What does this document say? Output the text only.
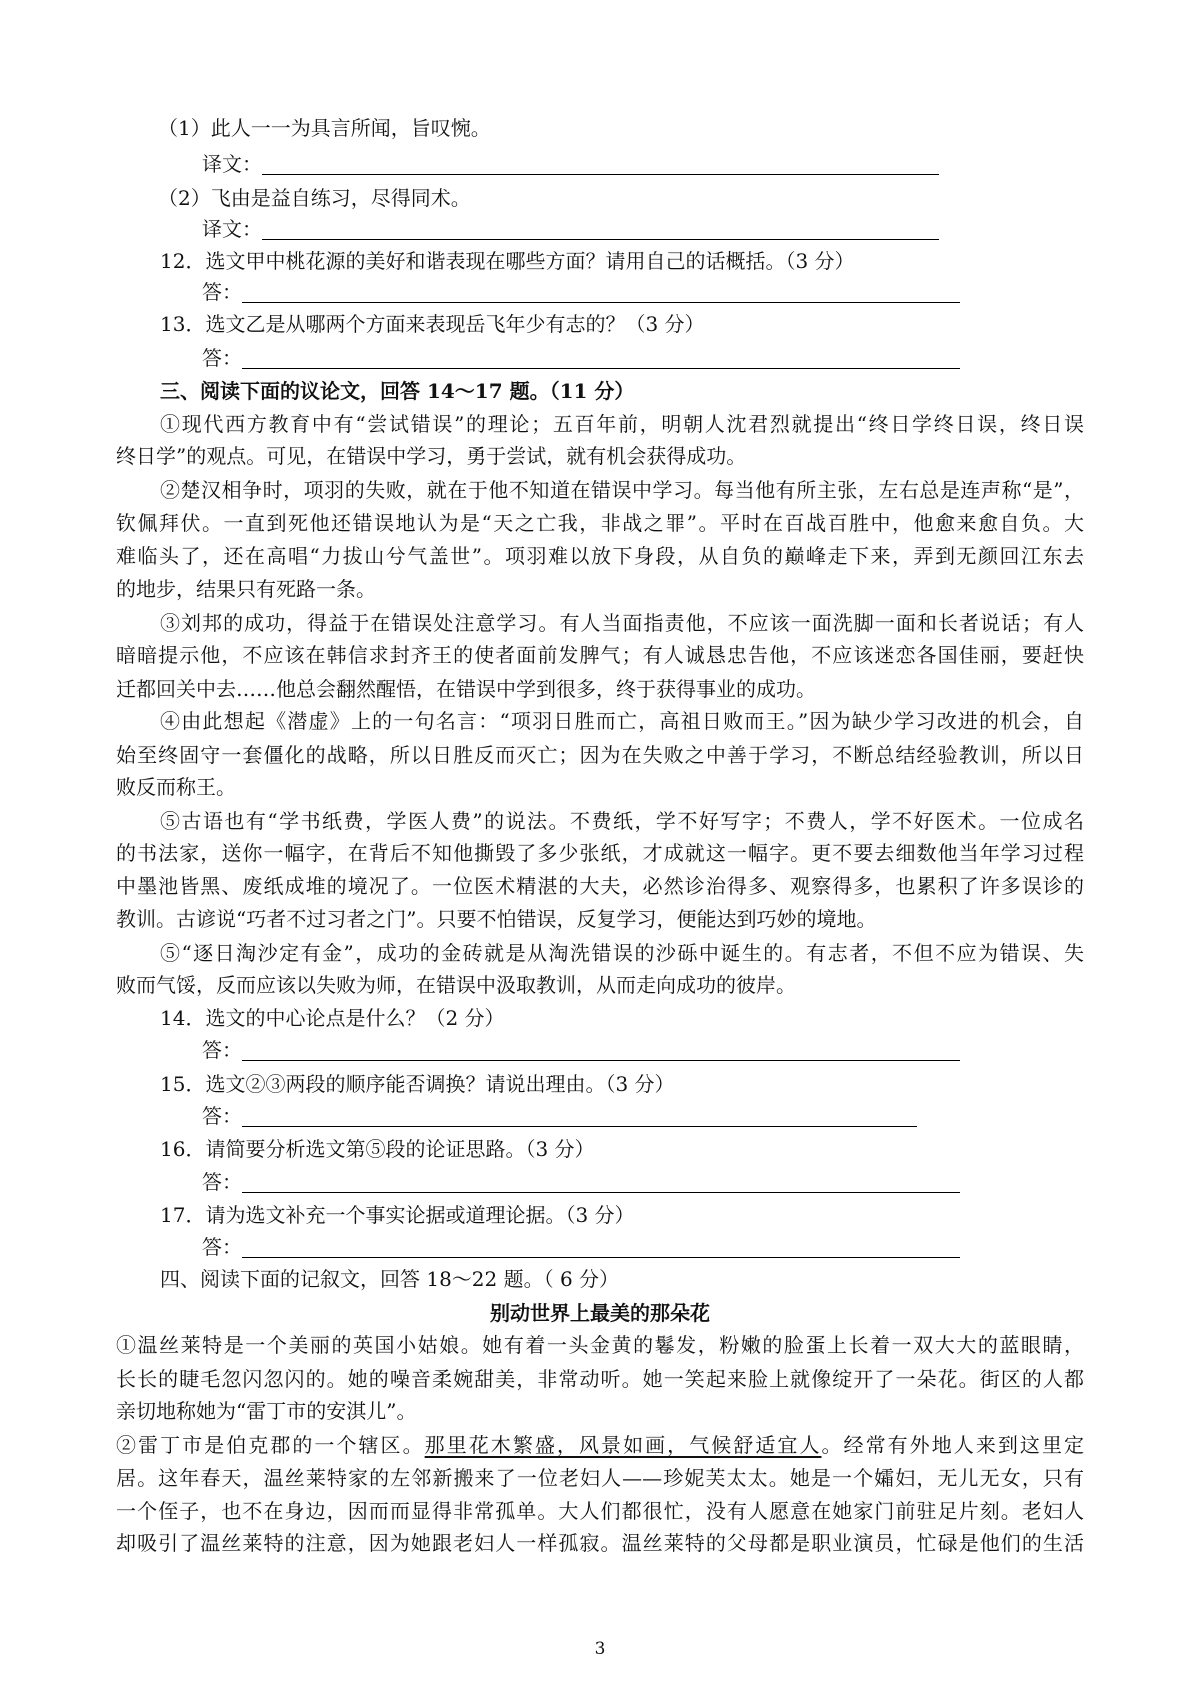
（1）此人一一为具言所闻，旨叹惋。
译文：
（2）飞由是益自练习，尽得同术。
译文：
12．选文甲中桃花源的美好和谐表现在哪些方面？请用自己的话概括。（3 分）
答：
13．选文乙是从哪两个方面来表现岳飞年少有志的？（3 分）
答：
三、阅读下面的议论文，回答 14～17 题。（11 分）
①现代西方教育中有“尝试错误”的理论；五百年前，明朝人沈君烈就提出“终日学终日误，终日误
终日学”的观点。可见，在错误中学习，勇于尝试，就有机会获得成功。
②楚汉相争时，项羽的失败，就在于他不知道在错误中学习。每当他有所主张，左右总是连声称“是”，
钦佩拜伏。一直到死他还错误地认为是“天之亡我，非战之罪”。平时在百战百胜中，他愈来愈自负。大
难临头了，还在高唱“力拔山兮气盖世”。项羽难以放下身段，从自负的巅峰走下来，弄到无颜回江东去
的地步，结果只有死路一条。
③刘邦的成功，得益于在错误处注意学习。有人当面指责他，不应该一面洗脚一面和长者说话；有人
暗暗提示他，不应该在韩信求封齐王的使者面前发脾气；有人诚恳忠告他，不应该迷恋各国佳丽，要赶快
迁都回关中去……他总会翻然醒悟，在错误中学到很多，终于获得事业的成功。
④由此想起《潜虚》上的一句名言：“项羽日胜而亡，高祖日败而王。”因为缺少学习改进的机会，自
始至终固守一套僵化的战略，所以日胜反而灭亡；因为在失败之中善于学习，不断总结经验教训，所以日
败反而称王。
⑤古语也有“学书纸费，学医人费”的说法。不费纸，学不好写字；不费人，学不好医术。一位成名
的书法家，送你一幅字，在背后不知他撕毁了多少张纸，才成就这一幅字。更不要去细数他当年学习过程
中墨池皆黑、废纸成堆的境况了。一位医术精湛的大夫，必然诊治得多、观察得多，也累积了许多误诊的
教训。古谚说“巧者不过习者之门”。只要不怕错误，反复学习，便能达到巧妙的境地。
⑤“逐日淘沙定有金”，成功的金砖就是从淘洗错误的沙砾中诞生的。有志者，不但不应为错误、失
败而气馁，反而应该以失败为师，在错误中汲取教训，从而走向成功的彼岸。
14．选文的中心论点是什么？（2 分）
答：
15．选文②③两段的顺序能否调换？请说出理由。（3 分）
答：
16．请简要分析选文第⑤段的论证思路。（3 分）
答：
17．请为选文补充一个事实论据或道理论据。（3 分）
答：
四、阅读下面的记叙文，回答 18～22 题。（ 6 分）
别动世界上最美的那朵花
①温丝莱特是一个美丽的英国小姑娘。她有着一头金黄的鬈发，粉嫩的脸蛋上长着一双大大的蓝眼睛，
长长的睫毛忽闪忽闪的。她的噪音柔婉甜美，非常动听。她一笑起来脸上就像绽开了一朵花。街区的人都
亲切地称她为“雷丁市的安淇儿”。
②雷丁市是伯克郡的一个辖区。那里花木繁盛，风景如画，气候舒适宜人。经常有外地人来到这里定
居。这年春天，温丝莱特家的左邻新搬来了一位老妇人——珍妮芙太太。她是一个孀妇，无儿无女，只有
一个侄子，也不在身边，因而而显得非常孤单。大人们都很忙，没有人愿意在她家门前驻足片刻。老妇人
却吸引了温丝莱特的注意，因为她跟老妇人一样孤寂。温丝莱特的父母都是职业演员，忙碌是他们的生活
3
